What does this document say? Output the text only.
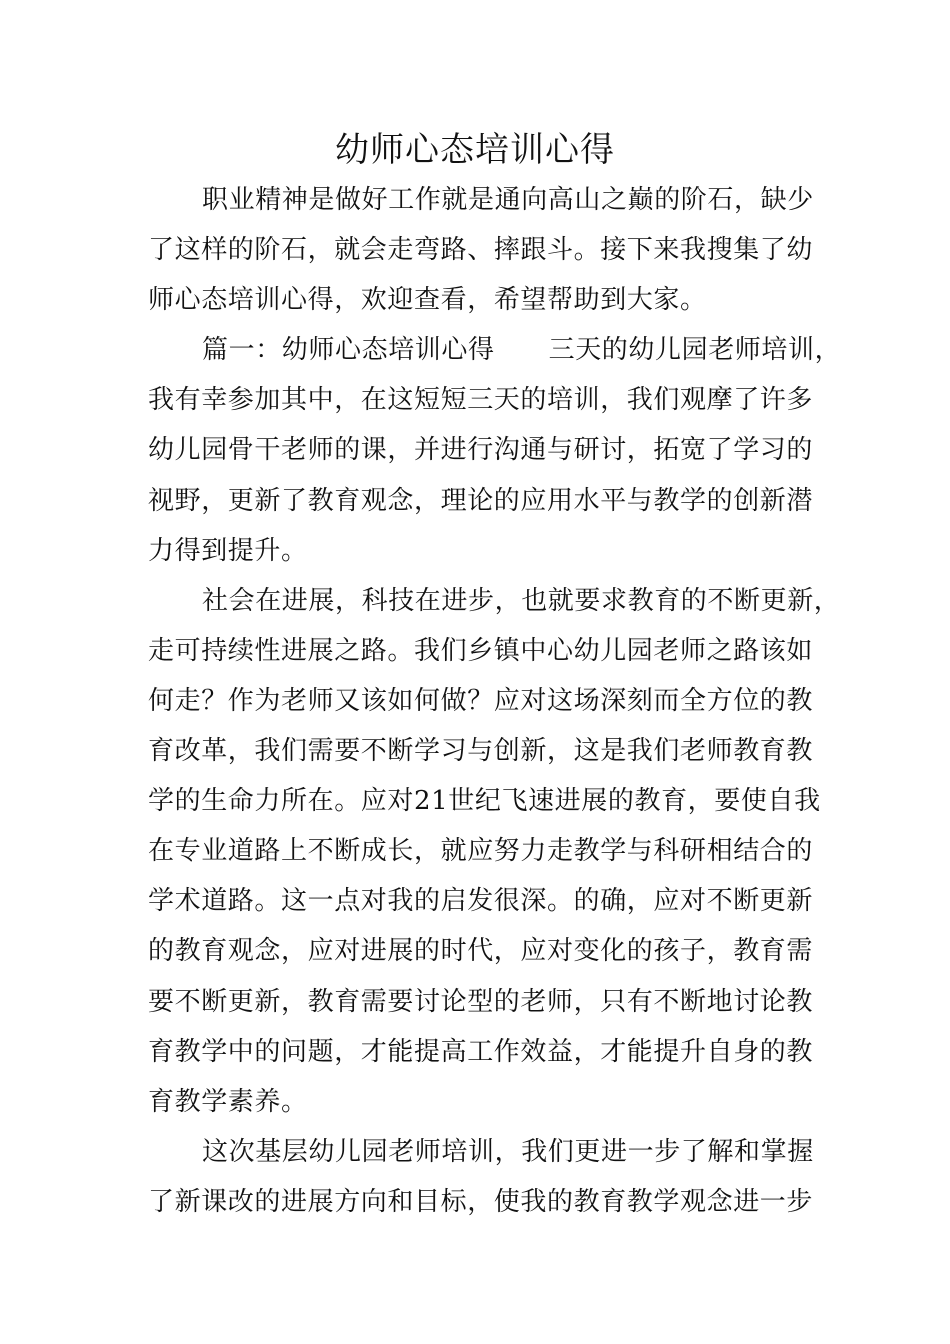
幼师心态培训心得
职业精神是做好工作就是通向高山之巅的阶石，缺少
了这样的阶石，就会走弯路、摔跟斗。接下来我搜集了幼
师心态培训心得，欢迎查看，希望帮助到大家。
篇一：幼师心态培训心得 三天的幼儿园老师培训，
我有幸参加其中，在这短短三天的培训，我们观摩了许多
幼儿园骨干老师的课，并进行沟通与研讨，拓宽了学习的
视野，更新了教育观念，理论的应用水平与教学的创新潜
力得到提升。
社会在进展，科技在进步，也就要求教育的不断更新，
走可持续性进展之路。我们乡镇中心幼儿园老师之路该如
何走？作为老师又该如何做？应对这场深刻而全方位的教
育改革，我们需要不断学习与创新，这是我们老师教育教
学的生命力所在。应对21世纪飞速进展的教育，要使自我
在专业道路上不断成长，就应努力走教学与科研相结合的
学术道路。这一点对我的启发很深。的确，应对不断更新
的教育观念，应对进展的时代，应对变化的孩子，教育需
要不断更新，教育需要讨论型的老师，只有不断地讨论教
育教学中的问题，才能提高工作效益，才能提升自身的教
育教学素养。
这次基层幼儿园老师培训，我们更进一步了解和掌握
了新课改的进展方向和目标，使我的教育教学观念进一步
